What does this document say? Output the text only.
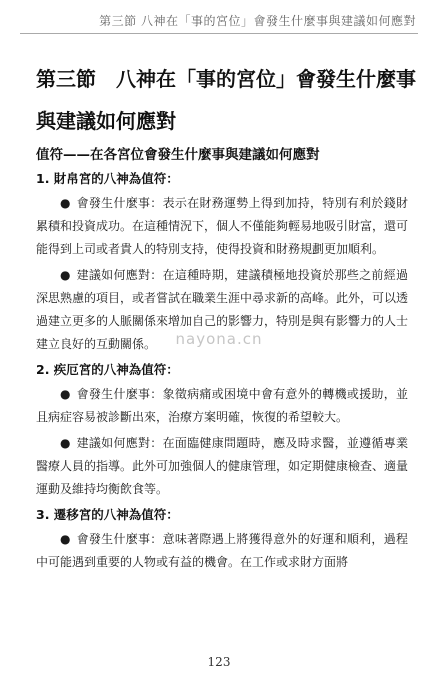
第三節 八神在「事的宮位」會發生什麼事與建議如何應對
第三節　八神在「事的宮位」會發生什麼事與建議如何應對
值符——在各宮位會發生什麼事與建議如何應對
1. 財帛宮的八神為值符：

● 會發生什麼事：表示在財務運勢上得到加持，特別有利於錢財累積和投資成功。在這種情況下，個人不僅能夠輕易地吸引財富，還可能得到上司或者貴人的特別支持，使得投資和財務規劃更加順利。

● 建議如何應對：在這種時期，建議積極地投資於那些之前經過深思熟慮的項目，或者嘗試在職業生涯中尋求新的高峰。此外，可以透過建立更多的人脈關係來增加自己的影響力，特別是與有影響力的人士建立良好的互動關係。

2. 疾厄宮的八神為值符：

● 會發生什麼事：象徵病痛或困境中會有意外的轉機或援助，並且病症容易被診斷出來，治療方案明確，恢復的希望較大。

● 建議如何應對：在面臨健康問題時，應及時求醫，並遵循專業醫療人員的指導。此外可加強個人的健康管理，如定期健康檢查、適量運動及維持均衡飲食等。

3. 遷移宮的八神為值符：

● 會發生什麼事：意味著際遇上將獲得意外的好運和順利，過程中可能遇到重要的人物或有益的機會。在工作或求財方面將

nayona.cn
123
